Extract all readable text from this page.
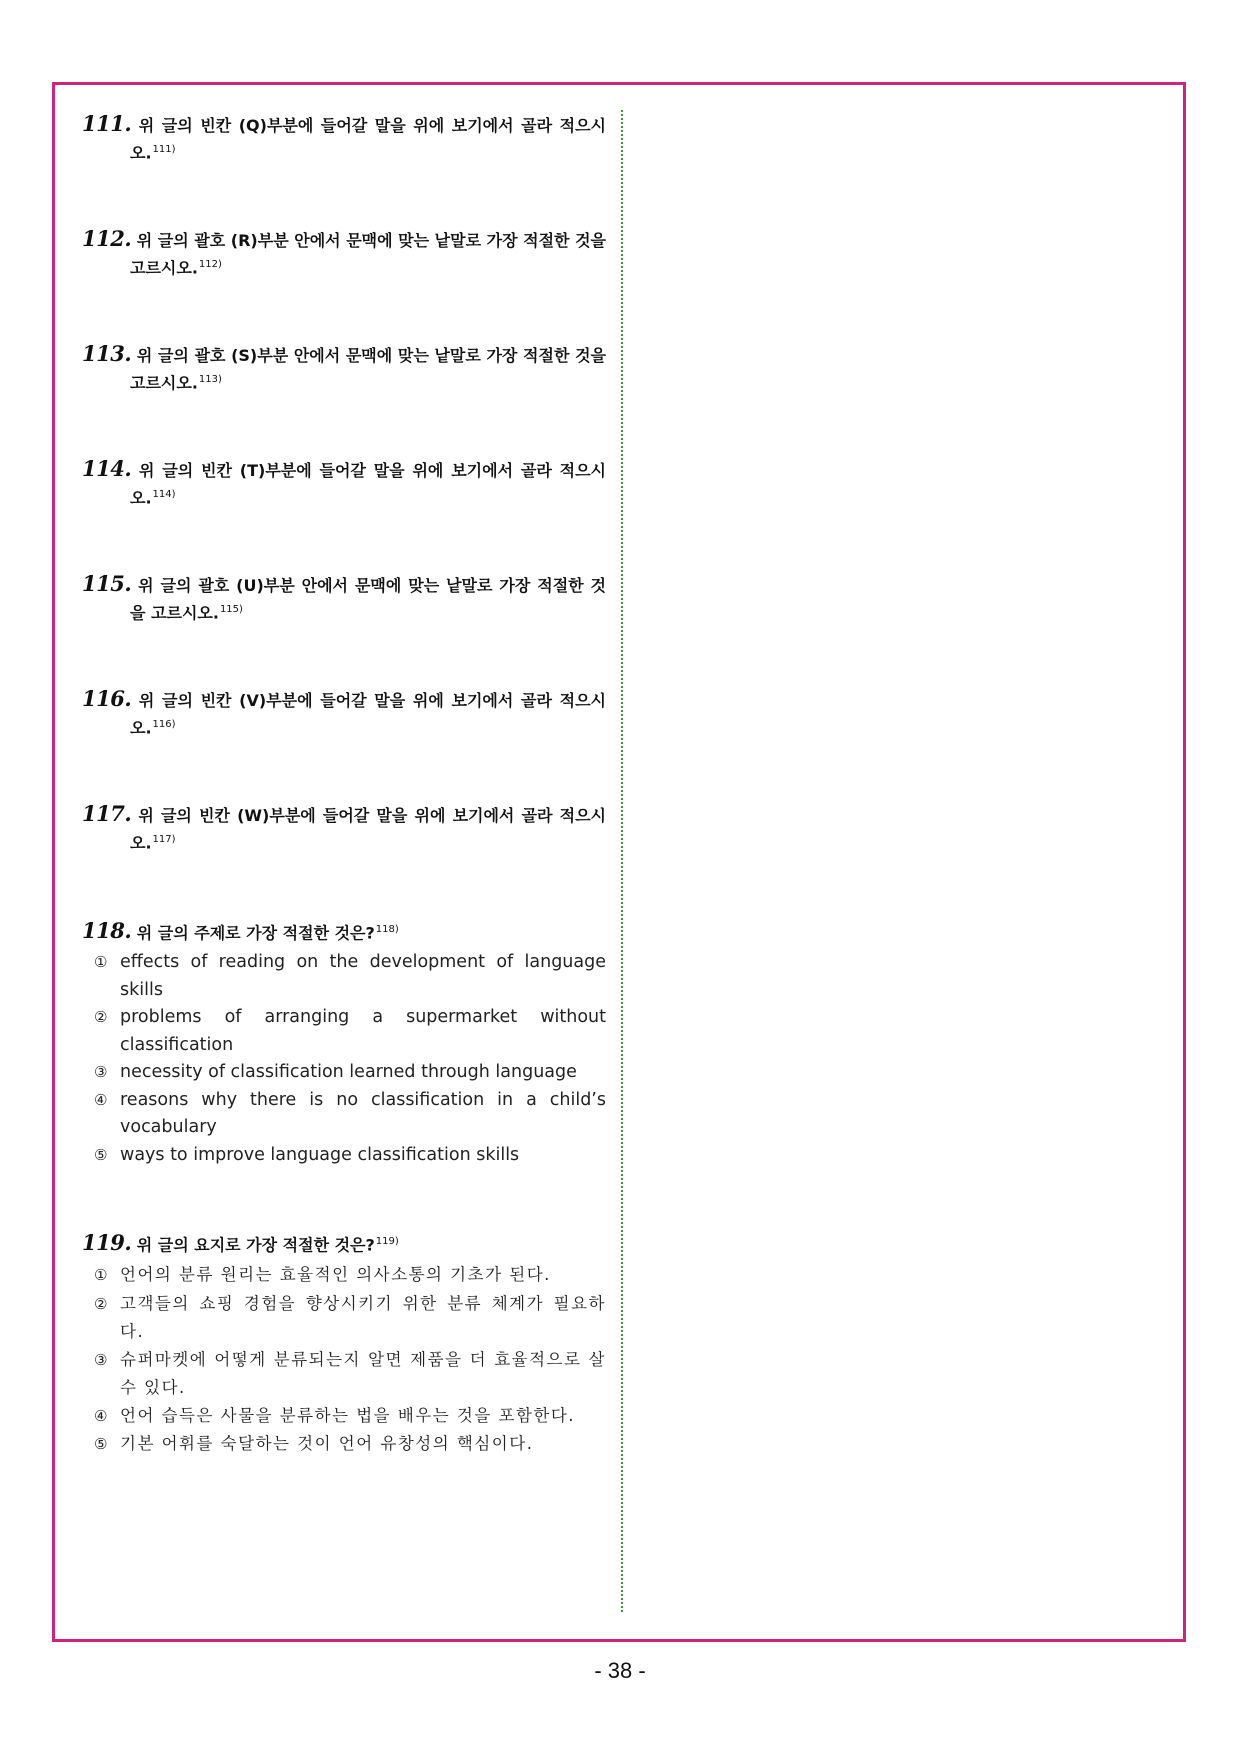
111. 위 글의 빈칸 (Q)부분에 들어갈 말을 위에 보기에서 골라 적으시오.$^{111)}$
112. 위 글의 괄호 (R)부분 안에서 문맥에 맞는 낱말로 가장 적절한 것을 고르시오.$^{112)}$
113. 위 글의 괄호 (S)부분 안에서 문맥에 맞는 낱말로 가장 적절한 것을 고르시오.$^{113)}$
114. 위 글의 빈칸 (T)부분에 들어갈 말을 위에 보기에서 골라 적으시오.$^{114)}$
115. 위 글의 괄호 (U)부분 안에서 문맥에 맞는 낱말로 가장 적절한 것을 고르시오.$^{115)}$
116. 위 글의 빈칸 (V)부분에 들어갈 말을 위에 보기에서 골라 적으시오.$^{116)}$
117. 위 글의 빈칸 (W)부분에 들어갈 말을 위에 보기에서 골라 적으시오.$^{117)}$
118. 위 글의 주제로 가장 적절한 것은?$^{118)}$
① effects of reading on the development of language skills
② problems of arranging a supermarket without classification
③ necessity of classification learned through language
④ reasons why there is no classification in a child’s vocabulary
⑤ ways to improve language classification skills
119. 위 글의 요지로 가장 적절한 것은?$^{119)}$
① 언어의 분류 원리는 효율적인 의사소통의 기초가 된다.
② 고객들의 쇼핑 경험을 향상시키기 위한 분류 체계가 필요하다.
③ 슈퍼마켓에 어떻게 분류되는지 알면 제품을 더 효율적으로 살 수 있다.
④ 언어 습득은 사물을 분류하는 법을 배우는 것을 포함한다.
⑤ 기본 어휘를 숙달하는 것이 언어 유창성의 핵심이다.
- 38 -
